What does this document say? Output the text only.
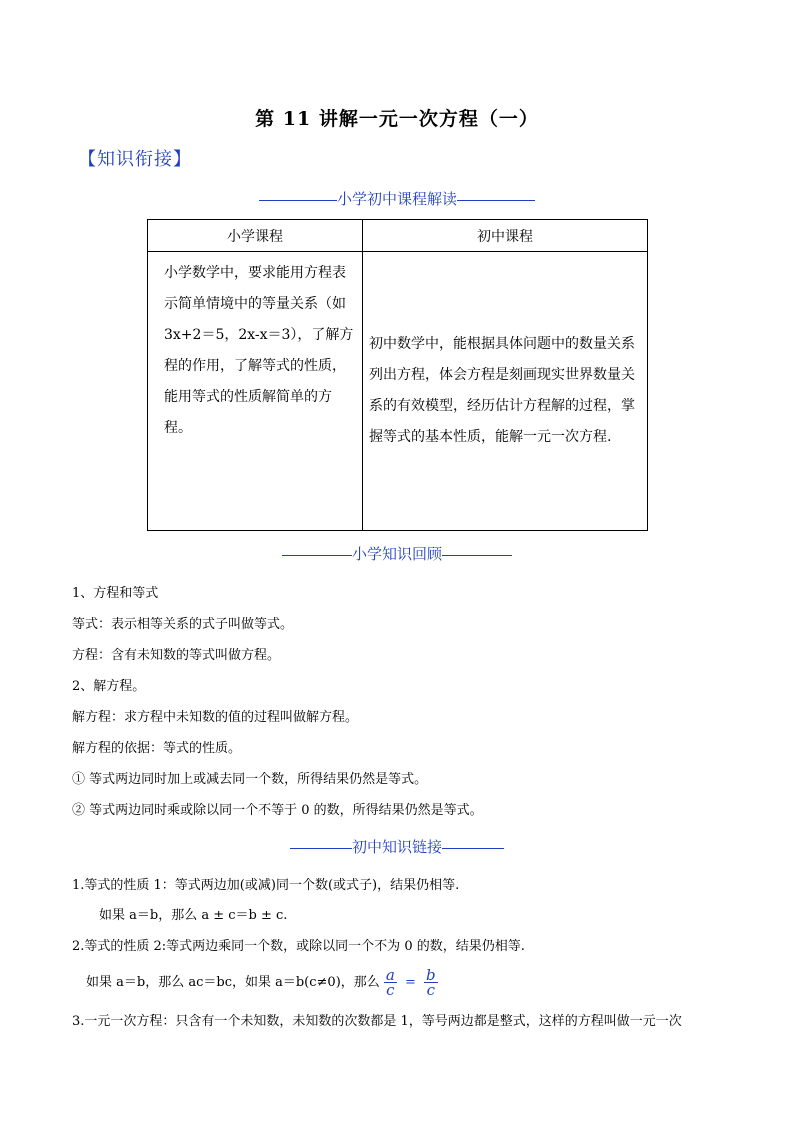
第 11 讲解一元一次方程（一）
【知识衔接】
小学初中课程解读
小学课程	初中课程
小学数学中，要求能用方程表示简单情境中的等量关系（如 3x+2＝5，2x-x＝3），了解方程的作用，了解等式的性质，能用等式的性质解简单的方程。	初中数学中，能根据具体问题中的数量关系列出方程，体会方程是刻画现实世界数量关系的有效模型，经历估计方程解的过程，掌握等式的基本性质，能解一元一次方程.
小学知识回顾
1、方程和等式
等式：表示相等关系的式子叫做等式。
方程：含有未知数的等式叫做方程。
2、解方程。
解方程：求方程中未知数的值的过程叫做解方程。
解方程的依据：等式的性质。
① 等式两边同时加上或减去同一个数，所得结果仍然是等式。
② 等式两边同时乘或除以同一个不等于 0 的数，所得结果仍然是等式。
初中知识链接
1.等式的性质 1：等式两边加(或减)同一个数(或式子)，结果仍相等.
如果 a＝b，那么 a ± c＝b ± c.
2.等式的性质 2:等式两边乘同一个数，或除以同一个不为 0 的数，结果仍相等.
如果 a＝b，那么 ac＝bc，如果 a＝b(c≠0)，那么 $\frac{a}{c} = \frac{b}{c}$
3.一元一次方程：只含有一个未知数，未知数的次数都是 1，等号两边都是整式，这样的方程叫做一元一次
